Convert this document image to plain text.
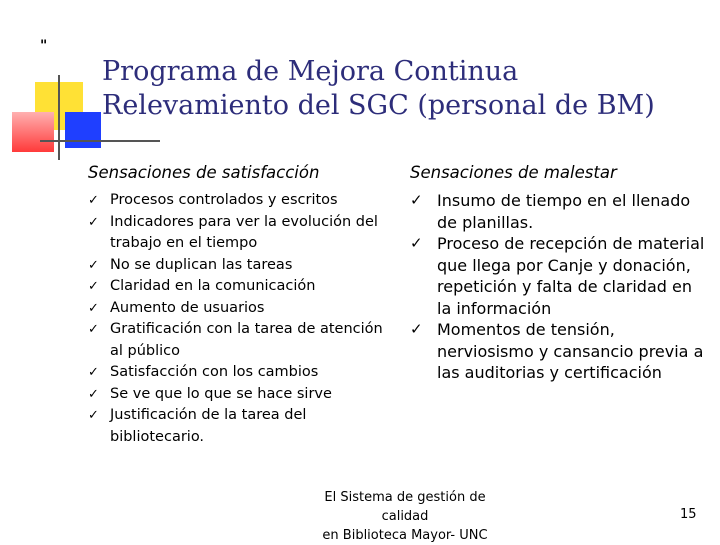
"
Programa de Mejora Continua
Relevamiento del SGC (personal de BM)
Sensaciones de satisfacción	Sensaciones de malestar
✓ Procesos controlados y escritos
✓ Indicadores para ver la evolución del trabajo en el tiempo
✓ No se duplican las tareas
✓ Claridad en la comunicación
✓ Aumento de usuarios
✓ Gratificación con la tarea de atención al público
✓ Satisfacción con los cambios
✓ Se ve que lo que se hace sirve
✓ Justificación de la tarea del bibliotecario.
✓ Insumo de tiempo en el llenado de planillas.
✓ Proceso de recepción de material que llega por Canje y donación, repetición y falta de claridad en la información
✓ Momentos de tensión, nerviosismo y cansancio previa a las auditorias y certificación
El Sistema de gestión de calidad
en Biblioteca Mayor- UNC
15
